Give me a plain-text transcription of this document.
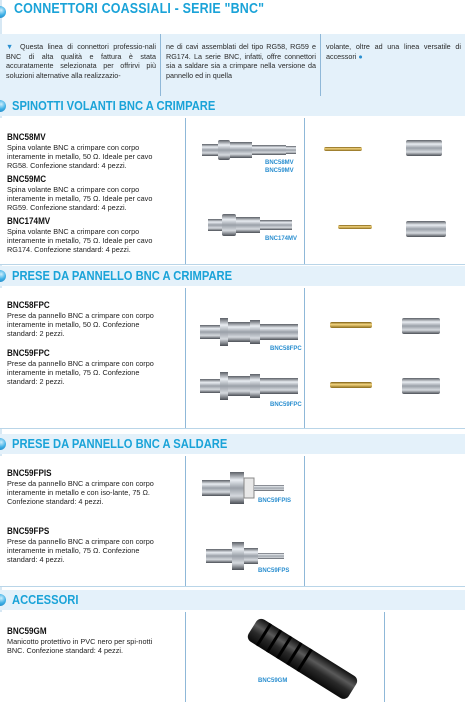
CONNETTORI COASSIALI - SERIE "BNC"
▼ Questa linea di connettori professio-nali BNC di alta qualità e fattura è stata accuratamente selezionata per offrirvi più soluzioni alternative alla realizzazio-
ne di cavi assemblati del tipo RG58, RG59 e RG174. La serie BNC, infatti, offre connettori sia a saldare sia a crimpare nella versione da pannello ed in quella
volante, oltre ad una linea versatile di accessori ●
SPINOTTI VOLANTI BNC A CRIMPARE
BNC58MV
Spina volante BNC a crimpare con corpo interamente in metallo, 50 Ω. Ideale per cavo RG58. Confezione standard: 4 pezzi.
BNC59MC
Spina volante BNC a crimpare con corpo interamente in metallo, 75 Ω. Ideale per cavo RG59. Confezione standard: 4 pezzi.
BNC174MV
Spina volante BNC a crimpare con corpo interamente in metallo, 75 Ω. Ideale per cavo RG174. Confezione standard: 4 pezzi.
BNC58MV
BNC59MV
BNC174MV
PRESE DA PANNELLO BNC A CRIMPARE
BNC58FPC
Prese da pannello BNC a crimpare con corpo interamente in metallo, 50 Ω. Confezione standard: 2 pezzi.
BNC59FPC
Prese da pannello BNC a crimpare con corpo interamente in metallo, 75 Ω. Confezione standard: 2 pezzi.
BNC58FPC
BNC59FPC
PRESE DA PANNELLO BNC A SALDARE
BNC59FPIS
Prese da pannello BNC a crimpare con corpo interamente in metallo e con iso-lante, 75 Ω. Confezione standard: 4 pezzi.
BNC59FPS
Prese da pannello BNC a crimpare con corpo interamente in metallo, 75 Ω. Confezione standard: 4 pezzi.
BNC59FPIS
BNC59FPS
ACCESSORI
BNC59GM
Manicotto protettivo in PVC nero per spi-notti BNC. Confezione standard: 4 pezzi.
BNC59GM
